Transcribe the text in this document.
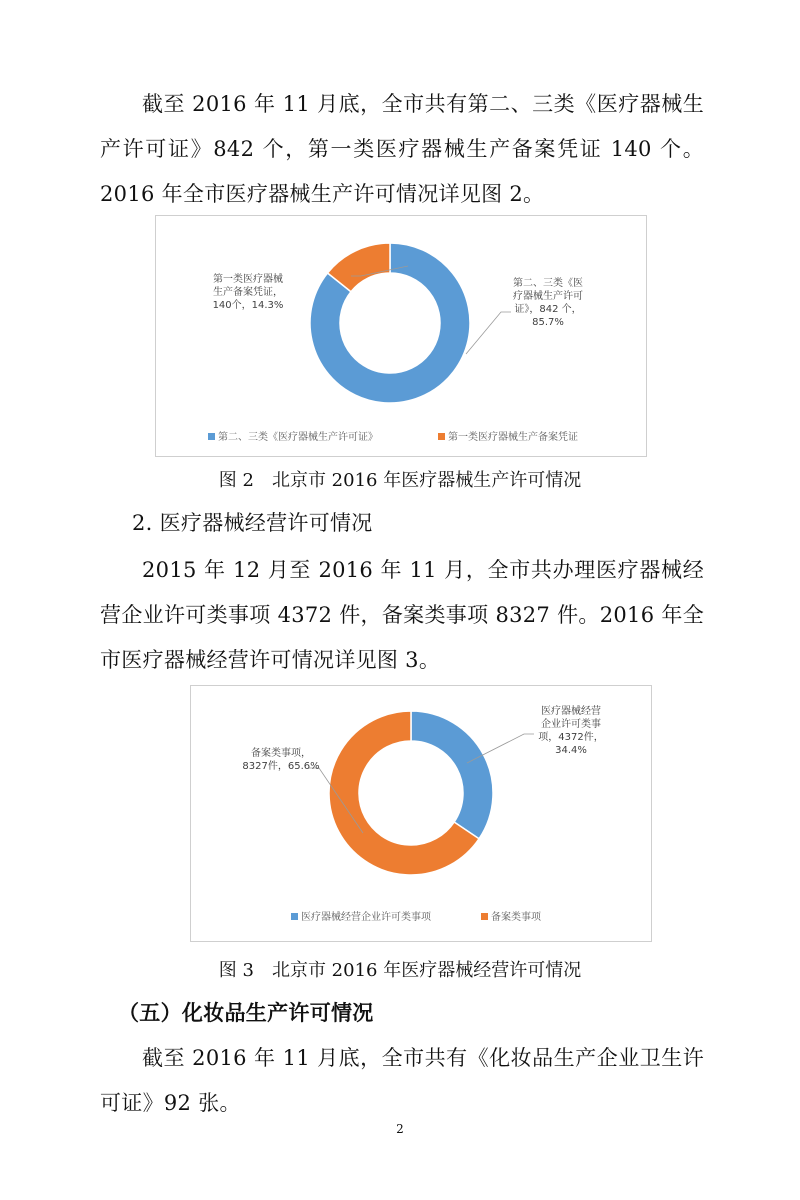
截至 2016 年 11 月底，全市共有第二、三类《医疗器械生产许可证》842 个，第一类医疗器械生产备案凭证 140 个。2016 年全市医疗器械生产许可情况详见图 2。

第二、三类《医疗器械生产许可证》，842 个， 85.7%
第一类医疗器械生产备案凭证， 140个，14.3%
第二、三类《医疗器械生产许可证》	第一类医疗器械生产备案凭证

图 2　北京市 2016 年医疗器械生产许可情况

2. 医疗器械经营许可情况

2015 年 12 月至 2016 年 11 月，全市共办理医疗器械经营企业许可类事项 4372 件，备案类事项 8327 件。2016 年全市医疗器械经营许可情况详见图 3。

医疗器械经营企业许可类事项，4372件， 34.4%
备案类事项， 8327件，65.6%
医疗器械经营企业许可类事项	备案类事项

图 3　北京市 2016 年医疗器械经营许可情况

（五）化妆品生产许可情况

截至 2016 年 11 月底，全市共有《化妆品生产企业卫生许可证》92 张。

2
